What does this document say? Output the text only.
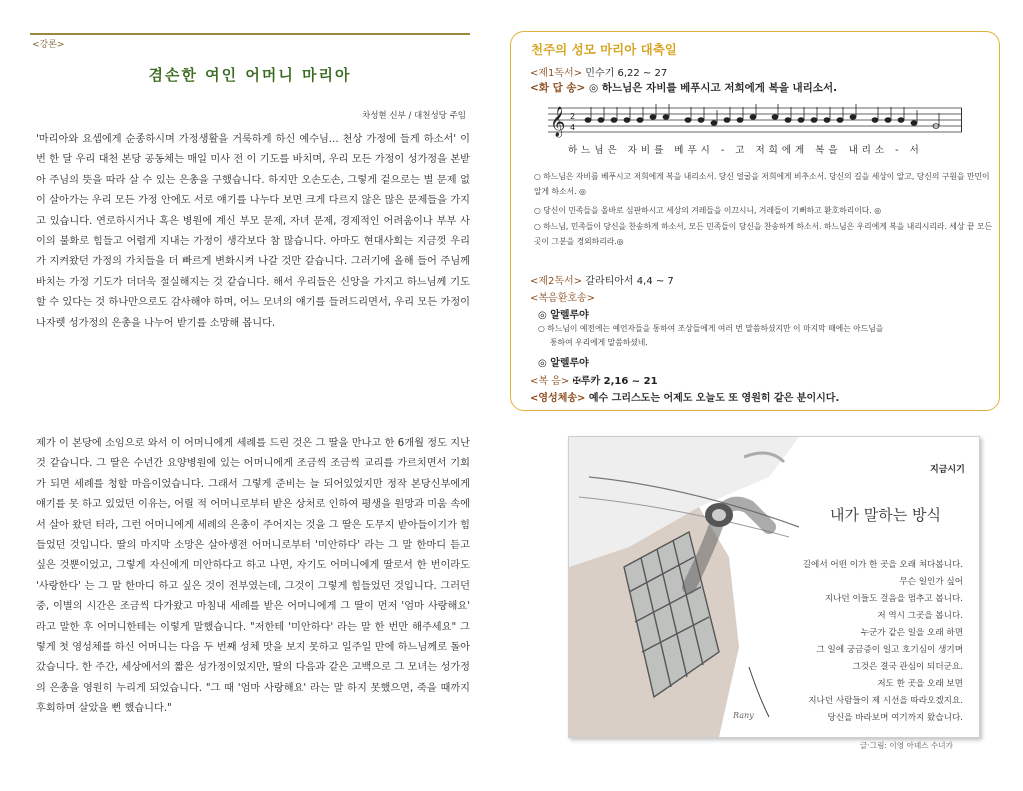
<강론>
겸손한 여인 어머니 마리아
차성현 신부 / 대천성당 주임

'마리아와 요셉에게 순종하시며 가정생활을 거룩하게 하신 예수님... 천상 가정에 들게 하소서' 이번 한 달 우리 대천 본당 공동체는 매일 미사 전 이 기도를 바치며, 우리 모든 가정이 성가정을 본받아 주님의 뜻을 따라 살 수 있는 은총을 구했습니다. 하지만 오손도손, 그렇게 겉으로는 별 문제 없이 살아가는 우리 모든 가정 안에도 서로 얘기를 나누다 보면 크게 다르지 않은 많은 문제들을 가지고 있습니다. 연로하시거나 혹은 병원에 계신 부모 문제, 자녀 문제, 경제적인 어려움이나 부부 사이의 불화로 힘들고 어렵게 지내는 가정이 생각보다 참 많습니다. 아마도 현대사회는 지금껏 우리가 지켜왔던 가정의 가치들을 더 빠르게 변화시켜 나갈 것만 같습니다. 그러기에 올해 들어 주님께 바치는 가정 기도가 더더욱 절실해지는 것 같습니다. 해서 우리들은 신앙을 가지고 하느님께 기도할 수 있다는 것 하나만으로도 감사해야 하며, 어느 모녀의 얘기를 들려드리면서, 우리 모든 가정이 나자렛 성가정의 은총을 나누어 받기를 소망해 봅니다.

제가 이 본당에 소임으로 와서 이 어머니에게 세례를 드린 것은 그 딸을 만나고 한 6개월 정도 지난 것 같습니다. 그 딸은 수년간 요양병원에 있는 어머니에게 조금씩 조금씩 교리를 가르치면서 기회가 되면 세례를 청할 마음이었습니다. 그래서 그렇게 준비는 늘 되어있었지만 정작 본당신부에게 얘기를 못 하고 있었던 이유는, 어릴 적 어머니로부터 받은 상처로 인하여 평생을 원망과 미움 속에서 살아 왔던 터라, 그런 어머니에게 세례의 은총이 주어지는 것을 그 딸은 도무지 받아들이기가 힘들었던 것입니다. 딸의 마지막 소망은 살아생전 어머니로부터 '미안하다' 라는 그 말 한마디 듣고 싶은 것뿐이었고, 그렇게 자신에게 미안하다고 하고 나면, 자기도 어머니에게 딸로서 한 번이라도 '사랑한다' 는 그 말 한마디 하고 싶은 것이 전부였는데, 그것이 그렇게 힘들었던 것입니다. 그러던 중, 이별의 시간은 조금씩 다가왔고 마침내 세례를 받은 어머니에게 그 딸이 먼저 '엄마 사랑해요' 라고 말한 후 어머니한테는 이렇게 말했습니다. "저한테 '미안하다' 라는 말 한 번만 해주세요" 그렇게 첫 영성체를 하신 어머니는 다음 두 번째 성체 맛을 보지 못하고 일주일 만에 하느님께로 돌아갔습니다. 한 주간, 세상에서의 짧은 성가정이었지만, 딸의 다음과 같은 고백으로 그 모녀는 성가정의 은총을 영원히 누리게 되었습니다. "그 때 '엄마 사랑해요' 라는 말 하지 못했으면, 죽을 때까지 후회하며 살았을 뻔 했습니다."

천주의 성모 마리아 대축일
<제1독서> 민수기 6,22 ~ 27
<화 답 송> ◎ 하느님은 자비를 베푸시고 저희에게 복을 내리소서.
𝄞 2
4
하느님은 자비를 베푸시 - 고 저희에게 복을 내리소 - 서
○ 하느님은 자비를 베푸시고 저희에게 복을 내리소서. 당신 얼굴을 저희에게 비추소서. 당신의 길을 세상이 알고, 당신의 구원을 만민이 알게 하소서. ◎
○ 당신이 민족들을 올바로 심판하시고 세상의 겨레들을 이끄시니, 겨레들이 기뻐하고 환호하리이다. ◎
○ 하느님, 민족들이 당신을 찬송하게 하소서, 모든 민족들이 당신을 찬송하게 하소서. 하느님은 우리에게 복을 내리시리라. 세상 끝 모든 곳이 그분을 경외하리라.◎
<제2독서> 갈라티아서 4,4 ~ 7
<복음환호송>
◎ 알렐루야
○ 하느님이 예전에는 예언자들을 통하여 조상들에게 여러 번 말씀하셨지만 이 마지막 때에는 아드님을
통하여 우리에게 말씀하셨네.
◎ 알렐루야
<복 음> ✠루카 2,16 ~ 21
<영성체송> 예수 그리스도는 어제도 오늘도 또 영원히 같은 분이시다.
지금시기
내가 말하는 방식
길에서 어떤 이가 한 곳을 오래 쳐다봅니다.
무슨 일인가 싶어
지나던 이들도 걸음을 멈추고 봅니다.
저 역시 그곳을 봅니다.
누군가 같은 일을 오래 하면
그 일에 궁금증이 일고 호기심이 생기며
그것은 결국 관심이 되더군요.
저도 한 곳을 오래 보면
지나던 사람들이 제 시선을 따라오겠지요.
당신을 바라보며 여기까지 왔습니다.
Rany
글·그림: 이영 아녜스 수녀가
